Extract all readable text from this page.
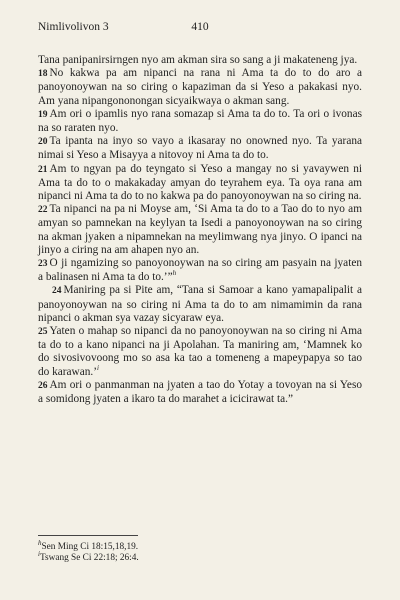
Nimlivolivon 3	410

Tana panipanirsirngen nyo am akman sira so sang a ji makateneng jya.

18 No kakwa pa am nipanci na rana ni Ama ta do to do aro a panoyonoywan na so ciring o kapaziman da si Yeso a pakakasi nyo. Am yana nipangononongan sicyaikwaya o akman sang.

19 Am ori o ipamlis nyo rana somazap si Ama ta do to. Ta ori o ivonas na so raraten nyo.

20 Ta ipanta na inyo so vayo a ikasaray no onowned nyo. Ta yarana nimai si Yeso a Misayya a nitovoy ni Ama ta do to.

21 Am to ngyan pa do teyngato si Yeso a mangay no si yavaywen ni Ama ta do to o makakaday amyan do teyrahem eya. Ta oya rana am nipanci ni Ama ta do to no kakwa pa do panoyonoywan na so ciring na.

22 Ta nipanci na pa ni Moyse am, ‘Si Ama ta do to a Tao do to nyo am amyan so pamnekan na keylyan ta Isedi a panoyonoywan na so ciring na akman jyaken a nipamnekan na meylimwang nya jinyo. O ipanci na jinyo a ciring na am ahapen nyo an.

23 O ji ngamizing so panoyonoywan na so ciring am pasyain na jyaten a balinasen ni Ama ta do to.’”$^h$

24 Maniring pa si Pite am, “Tana si Samoar a kano yamapalipalit a panoyonoywan na so ciring ni Ama ta do to am nimamimin da rana nipanci o akman sya vazay sicyaraw eya.

25 Yaten o mahap so nipanci da no panoyonoywan na so ciring ni Ama ta do to a kano nipanci na ji Apolahan. Ta maniring am, ‘Mamnek ko do sivosivovoong mo so asa ka tao a tomeneng a mapeypapya so tao do karawan.’$^i$

26 Am ori o panmanman na jyaten a tao do Yotay a tovoyan na si Yeso a somidong jyaten a ikaro ta do marahet a icicirawat ta.”

$^h$Sen Ming Ci 18:15,18,19.

$^i$Tswang Se Ci 22:18; 26:4.
